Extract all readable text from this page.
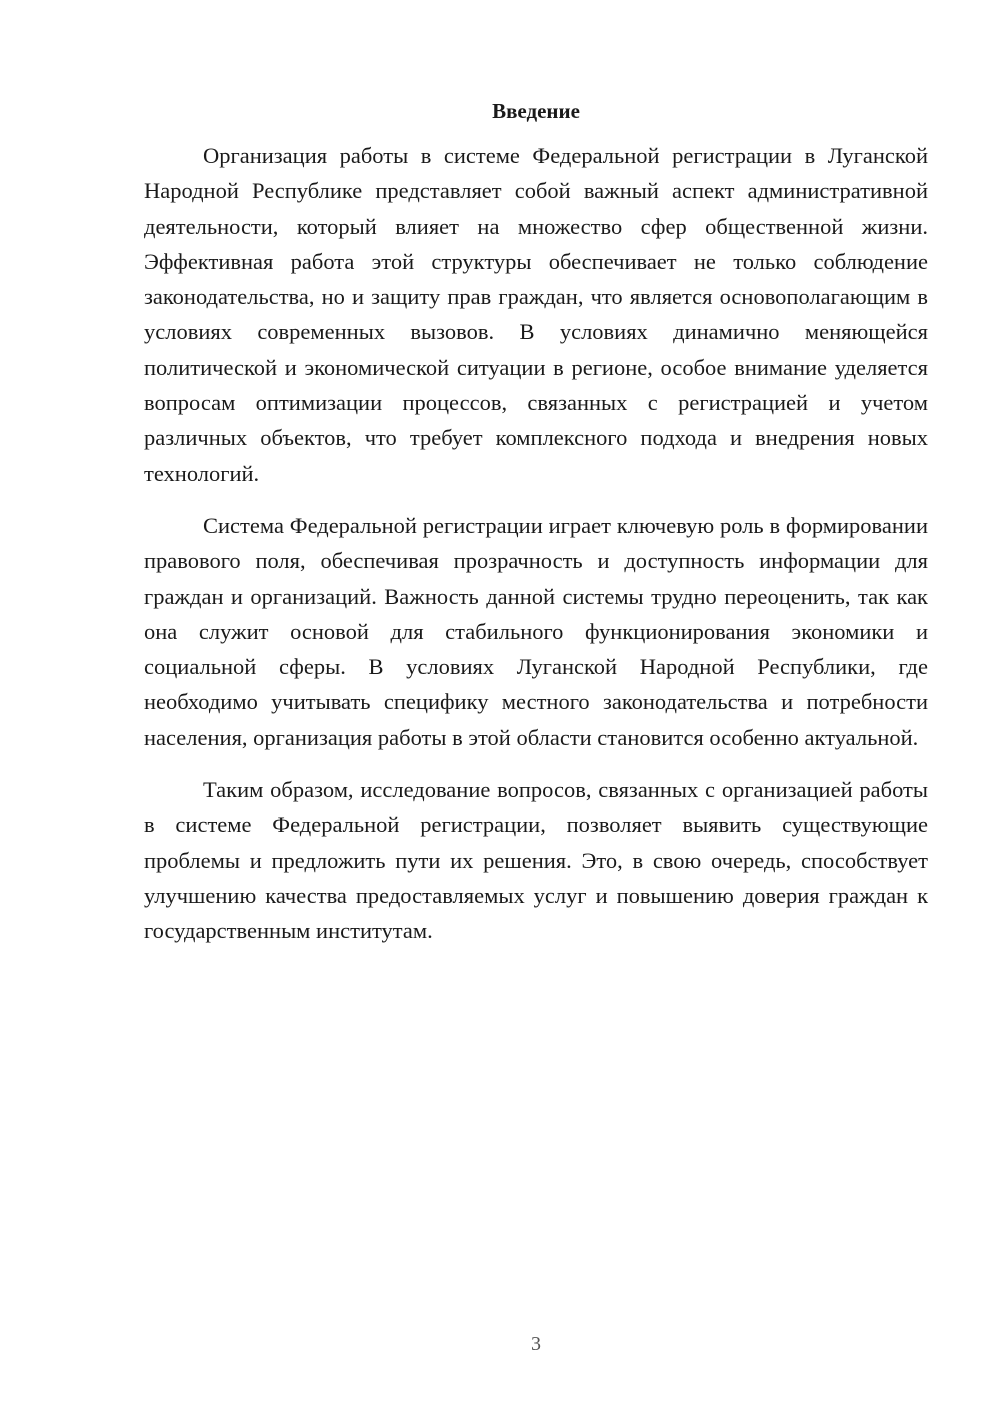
Введение

Организация работы в системе Федеральной регистрации в Луганской Народной Республике представляет собой важный аспект административной деятельности, который влияет на множество сфер общественной жизни. Эффективная работа этой структуры обеспечивает не только соблюдение законодательства, но и защиту прав граждан, что является основополагающим в условиях современных вызовов. В условиях динамично меняющейся политической и экономической ситуации в регионе, особое внимание уделяется вопросам оптимизации процессов, связанных с регистрацией и учетом различных объектов, что требует комплексного подхода и внедрения новых технологий.

Система Федеральной регистрации играет ключевую роль в формировании правового поля, обеспечивая прозрачность и доступность информации для граждан и организаций. Важность данной системы трудно переоценить, так как она служит основой для стабильного функционирования экономики и социальной сферы. В условиях Луганской Народной Республики, где необходимо учитывать специфику местного законодательства и потребности населения, организация работы в этой области становится особенно актуальной.

Таким образом, исследование вопросов, связанных с организацией работы в системе Федеральной регистрации, позволяет выявить существующие проблемы и предложить пути их решения. Это, в свою очередь, способствует улучшению качества предоставляемых услуг и повышению доверия граждан к государственным институтам.

3
